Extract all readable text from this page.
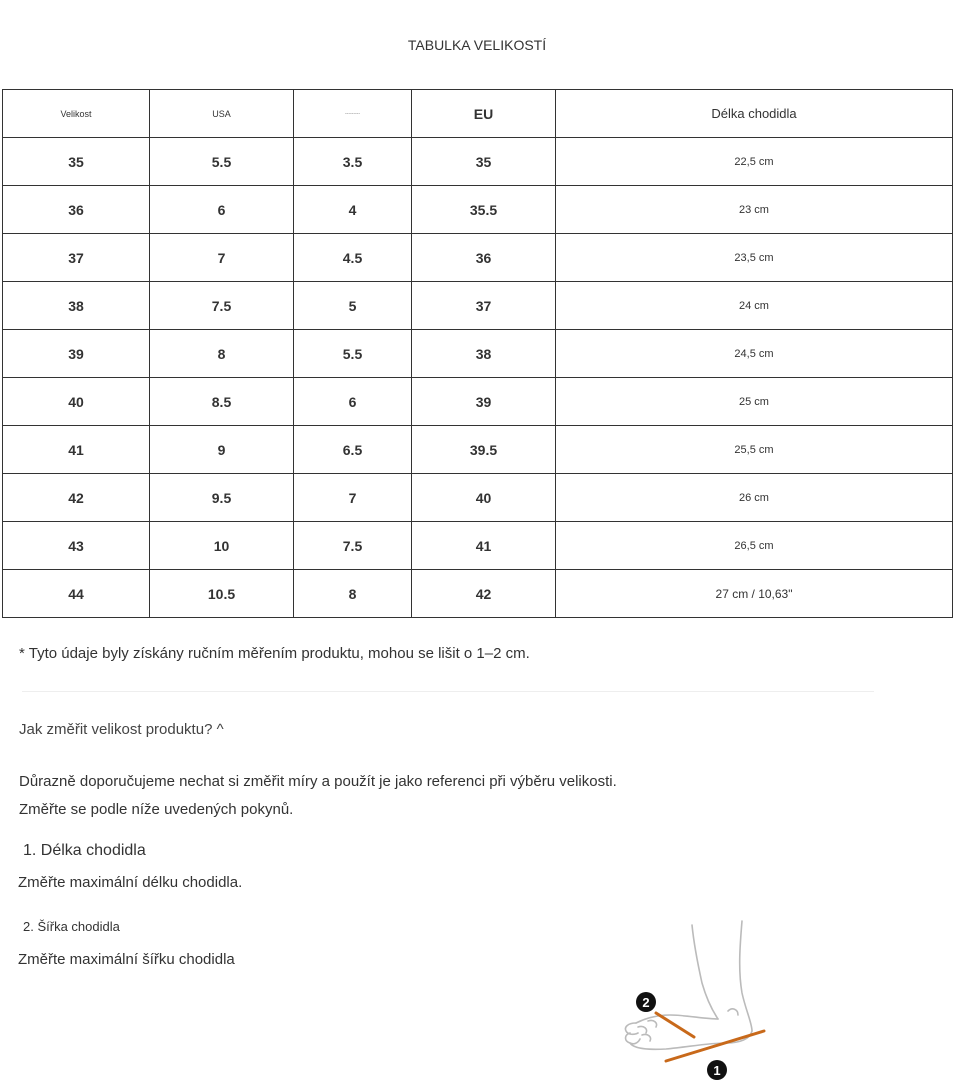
TABULKA VELIKOSTÍ
Velikost	USA	---------	EU	Délka chodidla
35	5.5	3.5	35	22,5 cm
36	6	4	35.5	23 cm
37	7	4.5	36	23,5 cm
38	7.5	5	37	24 cm
39	8	5.5	38	24,5 cm
40	8.5	6	39	25 cm
41	9	6.5	39.5	25,5 cm
42	9.5	7	40	26 cm
43	10	7.5	41	26,5 cm
44	10.5	8	42	27 cm / 10,63"
* Tyto údaje byly získány ručním měřením produktu, mohou se lišit o 1–2 cm.
Jak změřit velikost produktu? ^
Důrazně doporučujeme nechat si změřit míry a použít je jako referenci při výběru velikosti.
Změřte se podle níže uvedených pokynů.
1. Délka chodidla
Změřte maximální délku chodidla.
2. Šířka chodidla
Změřte maximální šířku chodidla
1
2
